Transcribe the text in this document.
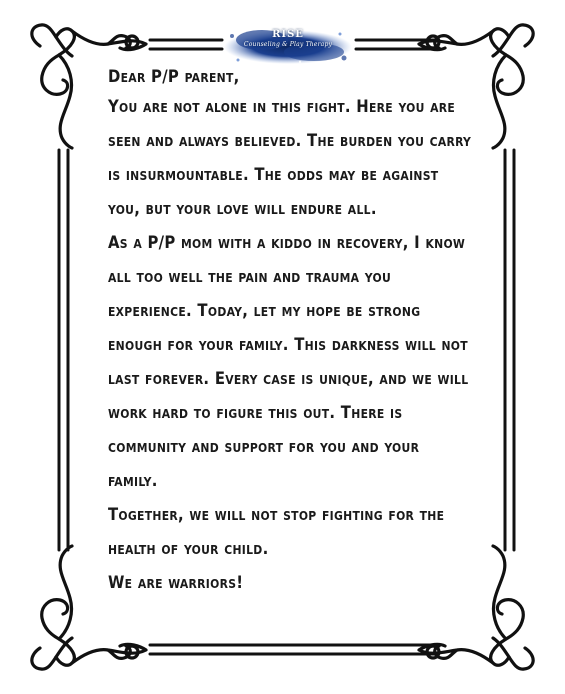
RISE
Counseling & Play Therapy
Dear P/P parent,
You are not alone in this fight. Here you are
seen and always believed. The burden you carry
is insurmountable. The odds may be against
you, but your love will endure all.
As a P/P mom with a kiddo in recovery, I know
all too well the pain and trauma you
experience. Today, let my hope be strong
enough for your family. This darkness will not
last forever. Every case is unique, and we will
work hard to figure this out. There is
community and support for you and your
family.
Together, we will not stop fighting for the
health of your child.
We are warriors!
